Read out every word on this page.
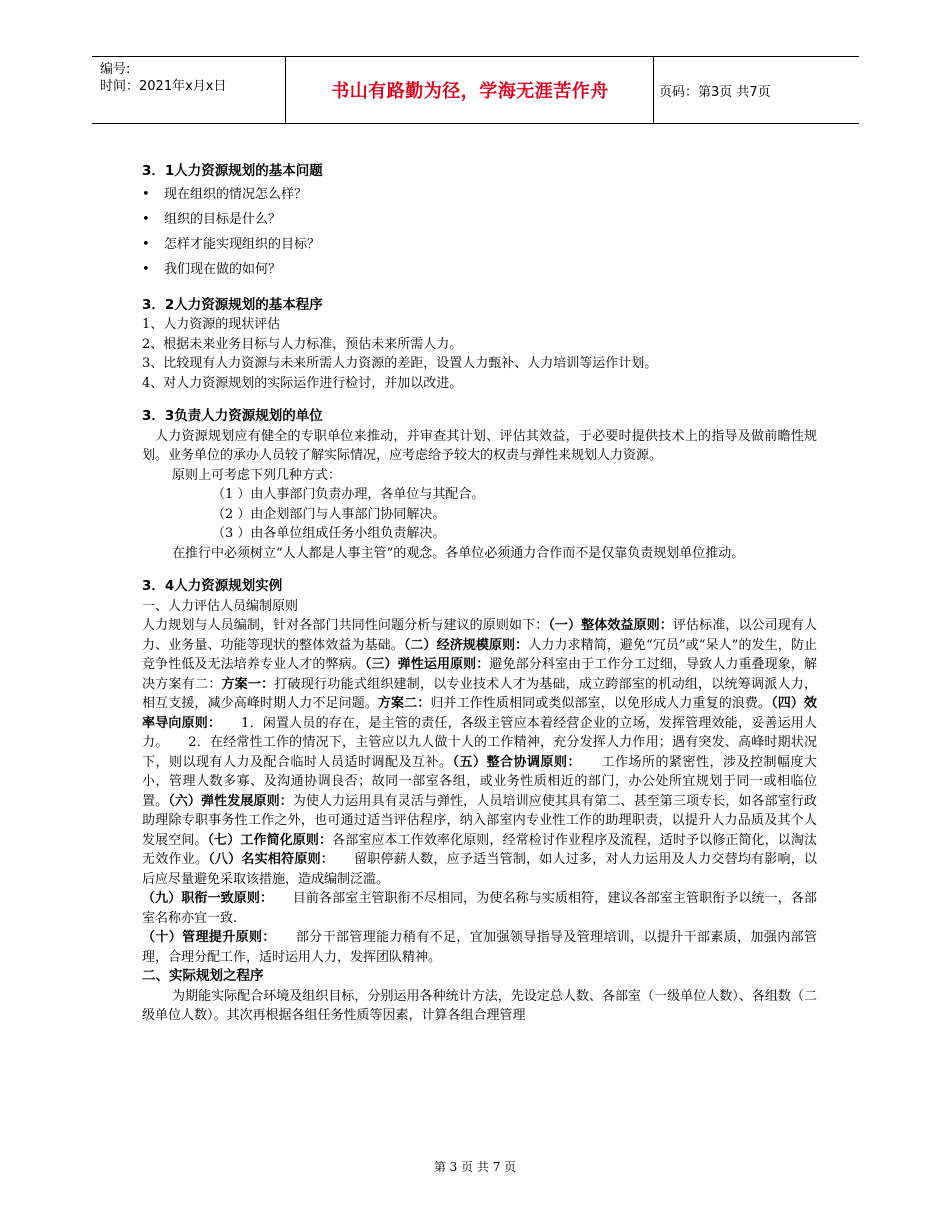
编号:
时间：2021年x月x日	书山有路勤为径，学海无涯苦作舟	页码：第3页 共7页
3．1人力资源规划的基本问题
• 现在组织的情况怎么样？
• 组织的目标是什么？
• 怎样才能实现组织的目标？
• 我们现在做的如何？
3．2人力资源规划的基本程序
1、人力资源的现状评估
2、根据未来业务目标与人力标准，预估未来所需人力。
3、比较现有人力资源与未来所需人力资源的差距，设置人力甄补、人力培训等运作计划。
4、对人力资源规划的实际运作进行检讨，并加以改进。
3．3负责人力资源规划的单位
人力资源规划应有健全的专职单位来推动，并审查其计划、评估其效益，于必要时提供技术上的指导及做前瞻性规划。业务单位的承办人员较了解实际情况，应考虑给予较大的权责与弹性来规划人力资源。
原则上可考虑下列几种方式：
（1 ）由人事部门负责办理，各单位与其配合。
（2 ）由企划部门与人事部门协同解决。
（3 ）由各单位组成任务小组负责解决。
在推行中必须树立“人人都是人事主管”的观念。各单位必须通力合作而不是仅靠负责规划单位推动。
3．4人力资源规划实例
一、人力评估人员编制原则
人力规划与人员编制，针对各部门共同性问题分析与建议的原则如下：（一）整体效益原则：评估标准，以公司现有人力、业务量、功能等现状的整体效益为基础。（二）经济规模原则：人力力求精简，避免“冗员”或“呆人”的发生，防止竞争性低及无法培养专业人才的弊病。（三）弹性运用原则：避免部分科室由于工作分工过细，导致人力重叠现象，解决方案有二：方案一：打破现行功能式组织建制，以专业技术人才为基础，成立跨部室的机动组，以统筹调派人力，相互支援，减少高峰时期人力不足问题。方案二：归并工作性质相同或类似部室，以免形成人力重复的浪费。（四）效率导向原则：　　1．闲置人员的存在，是主管的责任，各级主管应本着经营企业的立场，发挥管理效能，妥善运用人力。　　2．在经常性工作的情况下，主管应以九人做十人的工作精神，充分发挥人力作用；遇有突发、高峰时期状况下，则以现有人力及配合临时人员适时调配及互补。（五）整合协调原则：　　工作场所的紧密性，涉及控制幅度大小，管理人数多寡、及沟通协调良否；故同一部室各组，或业务性质相近的部门，办公处所宜规划于同一或相临位置。（六）弹性发展原则：为使人力运用具有灵活与弹性，人员培训应使其具有第二、甚至第三项专长，如各部室行政助理除专职事务性工作之外，也可通过适当评估程序，纳入部室内专业性工作的助理职责，以提升人力品质及其个人发展空间。（七）工作简化原则：各部室应本工作效率化原则，经常检讨作业程序及流程，适时予以修正简化，以淘汰无效作业。（八）名实相符原则：　　留职停薪人数，应予适当管制，如人过多，对人力运用及人力交替均有影响，以后应尽量避免采取该措施，造成编制泛滥。
（九）职衔一致原则：　　目前各部室主管职衔不尽相同，为使名称与实质相符，建议各部室主管职衔予以统一，各部室名称亦宜一致.
（十）管理提升原则：　　部分干部管理能力稍有不足，宜加强领导指导及管理培训，以提升干部素质，加强内部管理，合理分配工作，适时运用人力，发挥团队精神。
二、实际规划之程序
为期能实际配合环境及组织目标，分别运用各种统计方法，先设定总人数、各部室（一级单位人数）、各组数（二级单位人数）。其次再根据各组任务性质等因素，计算各组合理管理
第 3 页 共 7 页
